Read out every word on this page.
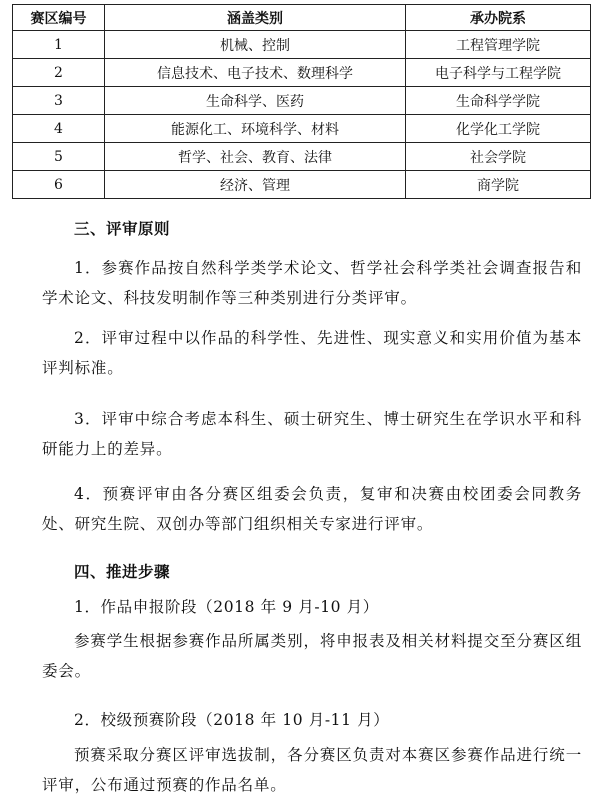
赛区编号	涵盖类别	承办院系
1	机械、控制	工程管理学院
2	信息技术、电子技术、数理科学	电子科学与工程学院
3	生命科学、医药	生命科学学院
4	能源化工、环境科学、材料	化学化工学院
5	哲学、社会、教育、法律	社会学院
6	经济、管理	商学院
三、评审原则
1．参赛作品按自然科学类学术论文、哲学社会科学类社会调查报告和学术论文、科技发明制作等三种类别进行分类评审。
2．评审过程中以作品的科学性、先进性、现实意义和实用价值为基本评判标准。
3．评审中综合考虑本科生、硕士研究生、博士研究生在学识水平和科研能力上的差异。
4．预赛评审由各分赛区组委会负责，复审和决赛由校团委会同教务处、研究生院、双创办等部门组织相关专家进行评审。
四、推进步骤
1．作品申报阶段（2018 年 9 月-10 月）
参赛学生根据参赛作品所属类别，将申报表及相关材料提交至分赛区组委会。
2．校级预赛阶段（2018 年 10 月-11 月）
预赛采取分赛区评审选拔制，各分赛区负责对本赛区参赛作品进行统一评审，公布通过预赛的作品名单。
